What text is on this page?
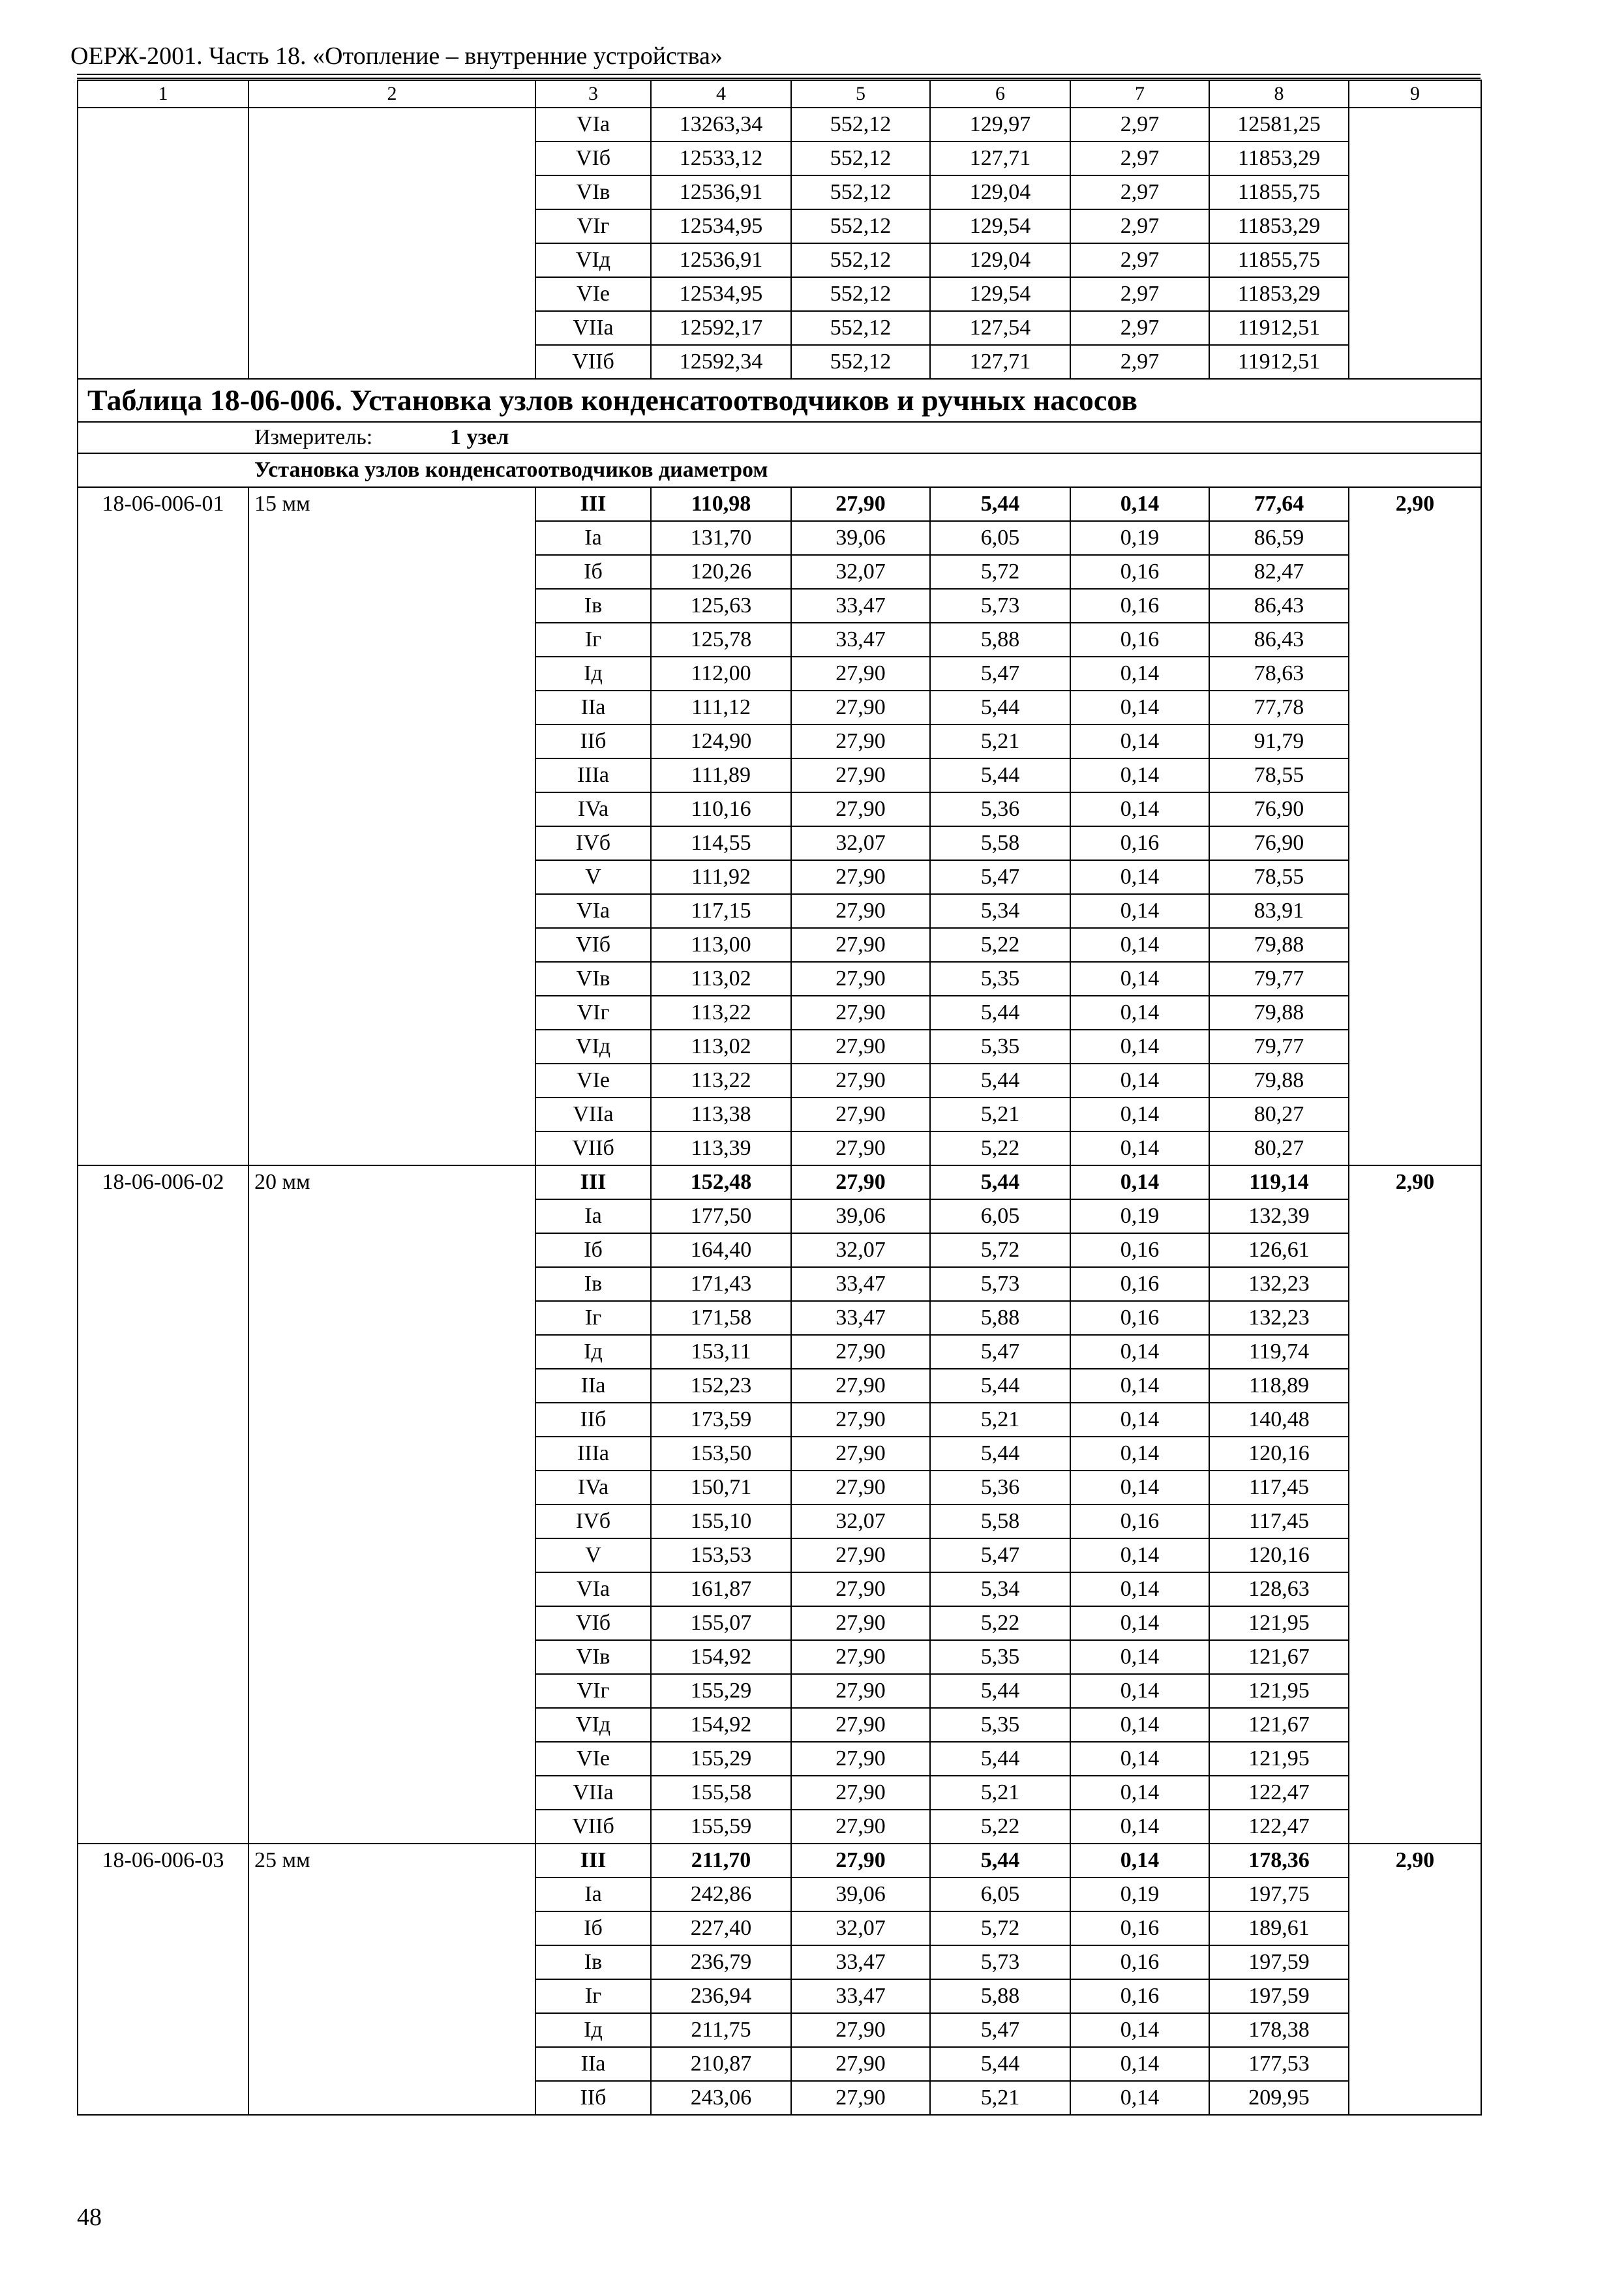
ОЕРЖ-2001. Часть 18. «Отопление – внутренние устройства»
1	2	3	4	5	6	7	8	9
		VIa	13263,34	552,12	129,97	2,97	12581,25	
		VIб	12533,12	552,12	127,71	2,97	11853,29	
		VIв	12536,91	552,12	129,04	2,97	11855,75	
		VIг	12534,95	552,12	129,54	2,97	11853,29	
		VIд	12536,91	552,12	129,04	2,97	11855,75	
		VIе	12534,95	552,12	129,54	2,97	11853,29	
		VIIa	12592,17	552,12	127,54	2,97	11912,51	
		VIIб	12592,34	552,12	127,71	2,97	11912,51	
Таблица 18-06-006. Установка узлов конденсатоотводчиков и ручных насосов								
Измеритель: 1 узел								
Установка узлов конденсатоотводчиков диаметром								
18-06-006-01	15 мм	III	110,98	27,90	5,44	0,14	77,64	2,90
		Ia	131,70	39,06	6,05	0,19	86,59	
		Iб	120,26	32,07	5,72	0,16	82,47	
		Iв	125,63	33,47	5,73	0,16	86,43	
		Iг	125,78	33,47	5,88	0,16	86,43	
		Iд	112,00	27,90	5,47	0,14	78,63	
		IIa	111,12	27,90	5,44	0,14	77,78	
		IIб	124,90	27,90	5,21	0,14	91,79	
		IIIa	111,89	27,90	5,44	0,14	78,55	
		IVa	110,16	27,90	5,36	0,14	76,90	
		IVб	114,55	32,07	5,58	0,16	76,90	
		V	111,92	27,90	5,47	0,14	78,55	
		VIa	117,15	27,90	5,34	0,14	83,91	
		VIб	113,00	27,90	5,22	0,14	79,88	
		VIв	113,02	27,90	5,35	0,14	79,77	
		VIг	113,22	27,90	5,44	0,14	79,88	
		VIд	113,02	27,90	5,35	0,14	79,77	
		VIе	113,22	27,90	5,44	0,14	79,88	
		VIIa	113,38	27,90	5,21	0,14	80,27	
		VIIб	113,39	27,90	5,22	0,14	80,27	
18-06-006-02	20 мм	III	152,48	27,90	5,44	0,14	119,14	2,90
		Ia	177,50	39,06	6,05	0,19	132,39	
		Iб	164,40	32,07	5,72	0,16	126,61	
		Iв	171,43	33,47	5,73	0,16	132,23	
		Iг	171,58	33,47	5,88	0,16	132,23	
		Iд	153,11	27,90	5,47	0,14	119,74	
		IIa	152,23	27,90	5,44	0,14	118,89	
		IIб	173,59	27,90	5,21	0,14	140,48	
		IIIa	153,50	27,90	5,44	0,14	120,16	
		IVa	150,71	27,90	5,36	0,14	117,45	
		IVб	155,10	32,07	5,58	0,16	117,45	
		V	153,53	27,90	5,47	0,14	120,16	
		VIa	161,87	27,90	5,34	0,14	128,63	
		VIб	155,07	27,90	5,22	0,14	121,95	
		VIв	154,92	27,90	5,35	0,14	121,67	
		VIг	155,29	27,90	5,44	0,14	121,95	
		VIд	154,92	27,90	5,35	0,14	121,67	
		VIе	155,29	27,90	5,44	0,14	121,95	
		VIIa	155,58	27,90	5,21	0,14	122,47	
		VIIб	155,59	27,90	5,22	0,14	122,47	
18-06-006-03	25 мм	III	211,70	27,90	5,44	0,14	178,36	2,90
		Ia	242,86	39,06	6,05	0,19	197,75	
		Iб	227,40	32,07	5,72	0,16	189,61	
		Iв	236,79	33,47	5,73	0,16	197,59	
		Iг	236,94	33,47	5,88	0,16	197,59	
		Iд	211,75	27,90	5,47	0,14	178,38	
		IIa	210,87	27,90	5,44	0,14	177,53	
		IIб	243,06	27,90	5,21	0,14	209,95	
48
